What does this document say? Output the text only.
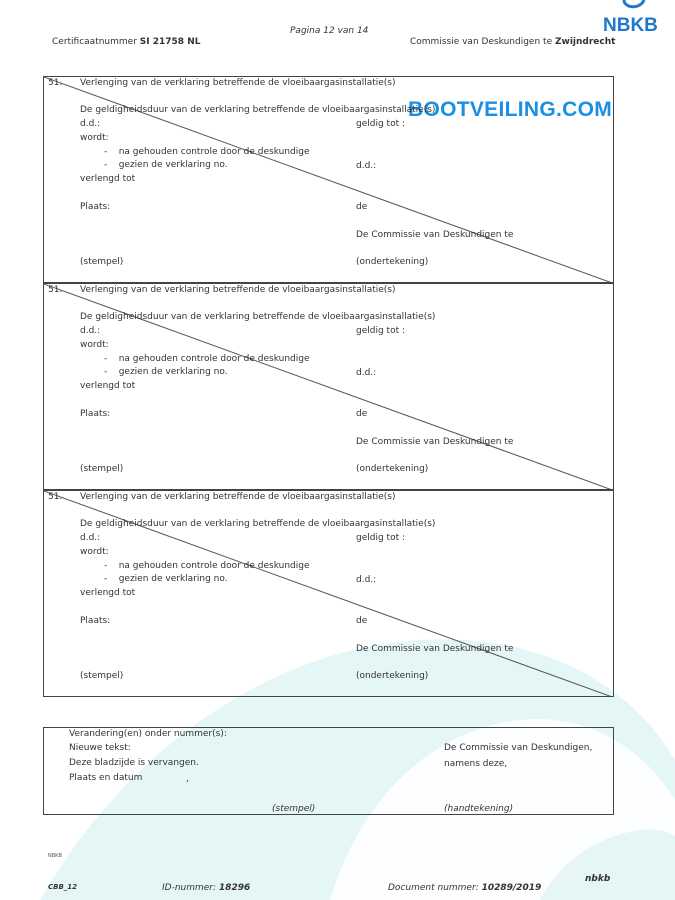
Certificaatnummer SI 21758 NL
Pagina 12 van 14
Commissie van Deskundigen te Zwijndrecht
NBKB
BOOTVEILING.COM
51. Verlenging van de verklaring betreffende de vloeibaargasinstallatie(s)
De geldigheidsduur van de verklaring betreffende de vloeibaargasinstallatie(s)
d.d.:	geldig tot :
wordt:
-    na gehouden controle door de deskundige
-    gezien de verklaring no.	d.d.:
verlengd tot
Plaats:	de
De Commissie van Deskundigen te
(stempel)	(ondertekening)
51. Verlenging van de verklaring betreffende de vloeibaargasinstallatie(s)
De geldigheidsduur van de verklaring betreffende de vloeibaargasinstallatie(s)
d.d.:	geldig tot :
wordt:
-    na gehouden controle door de deskundige
-    gezien de verklaring no.	d.d.:
verlengd tot
Plaats:	de
De Commissie van Deskundigen te
(stempel)	(ondertekening)
51. Verlenging van de verklaring betreffende de vloeibaargasinstallatie(s)
De geldigheidsduur van de verklaring betreffende de vloeibaargasinstallatie(s)
d.d.:	geldig tot :
wordt:
-    na gehouden controle door de deskundige
-    gezien de verklaring no.	d.d.:
verlengd tot
Plaats:	de
De Commissie van Deskundigen te
(stempel)	(ondertekening)
Verandering(en) onder nummer(s):
Nieuwe tekst:
Deze bladzijde is vervangen.
Plaats en datum	,
De Commissie van Deskundigen,
namens deze,
(stempel)	(handtekening)
NBKB
CBB_12	ID-nummer: 18296	Document nummer: 10289/2019
nbkb
